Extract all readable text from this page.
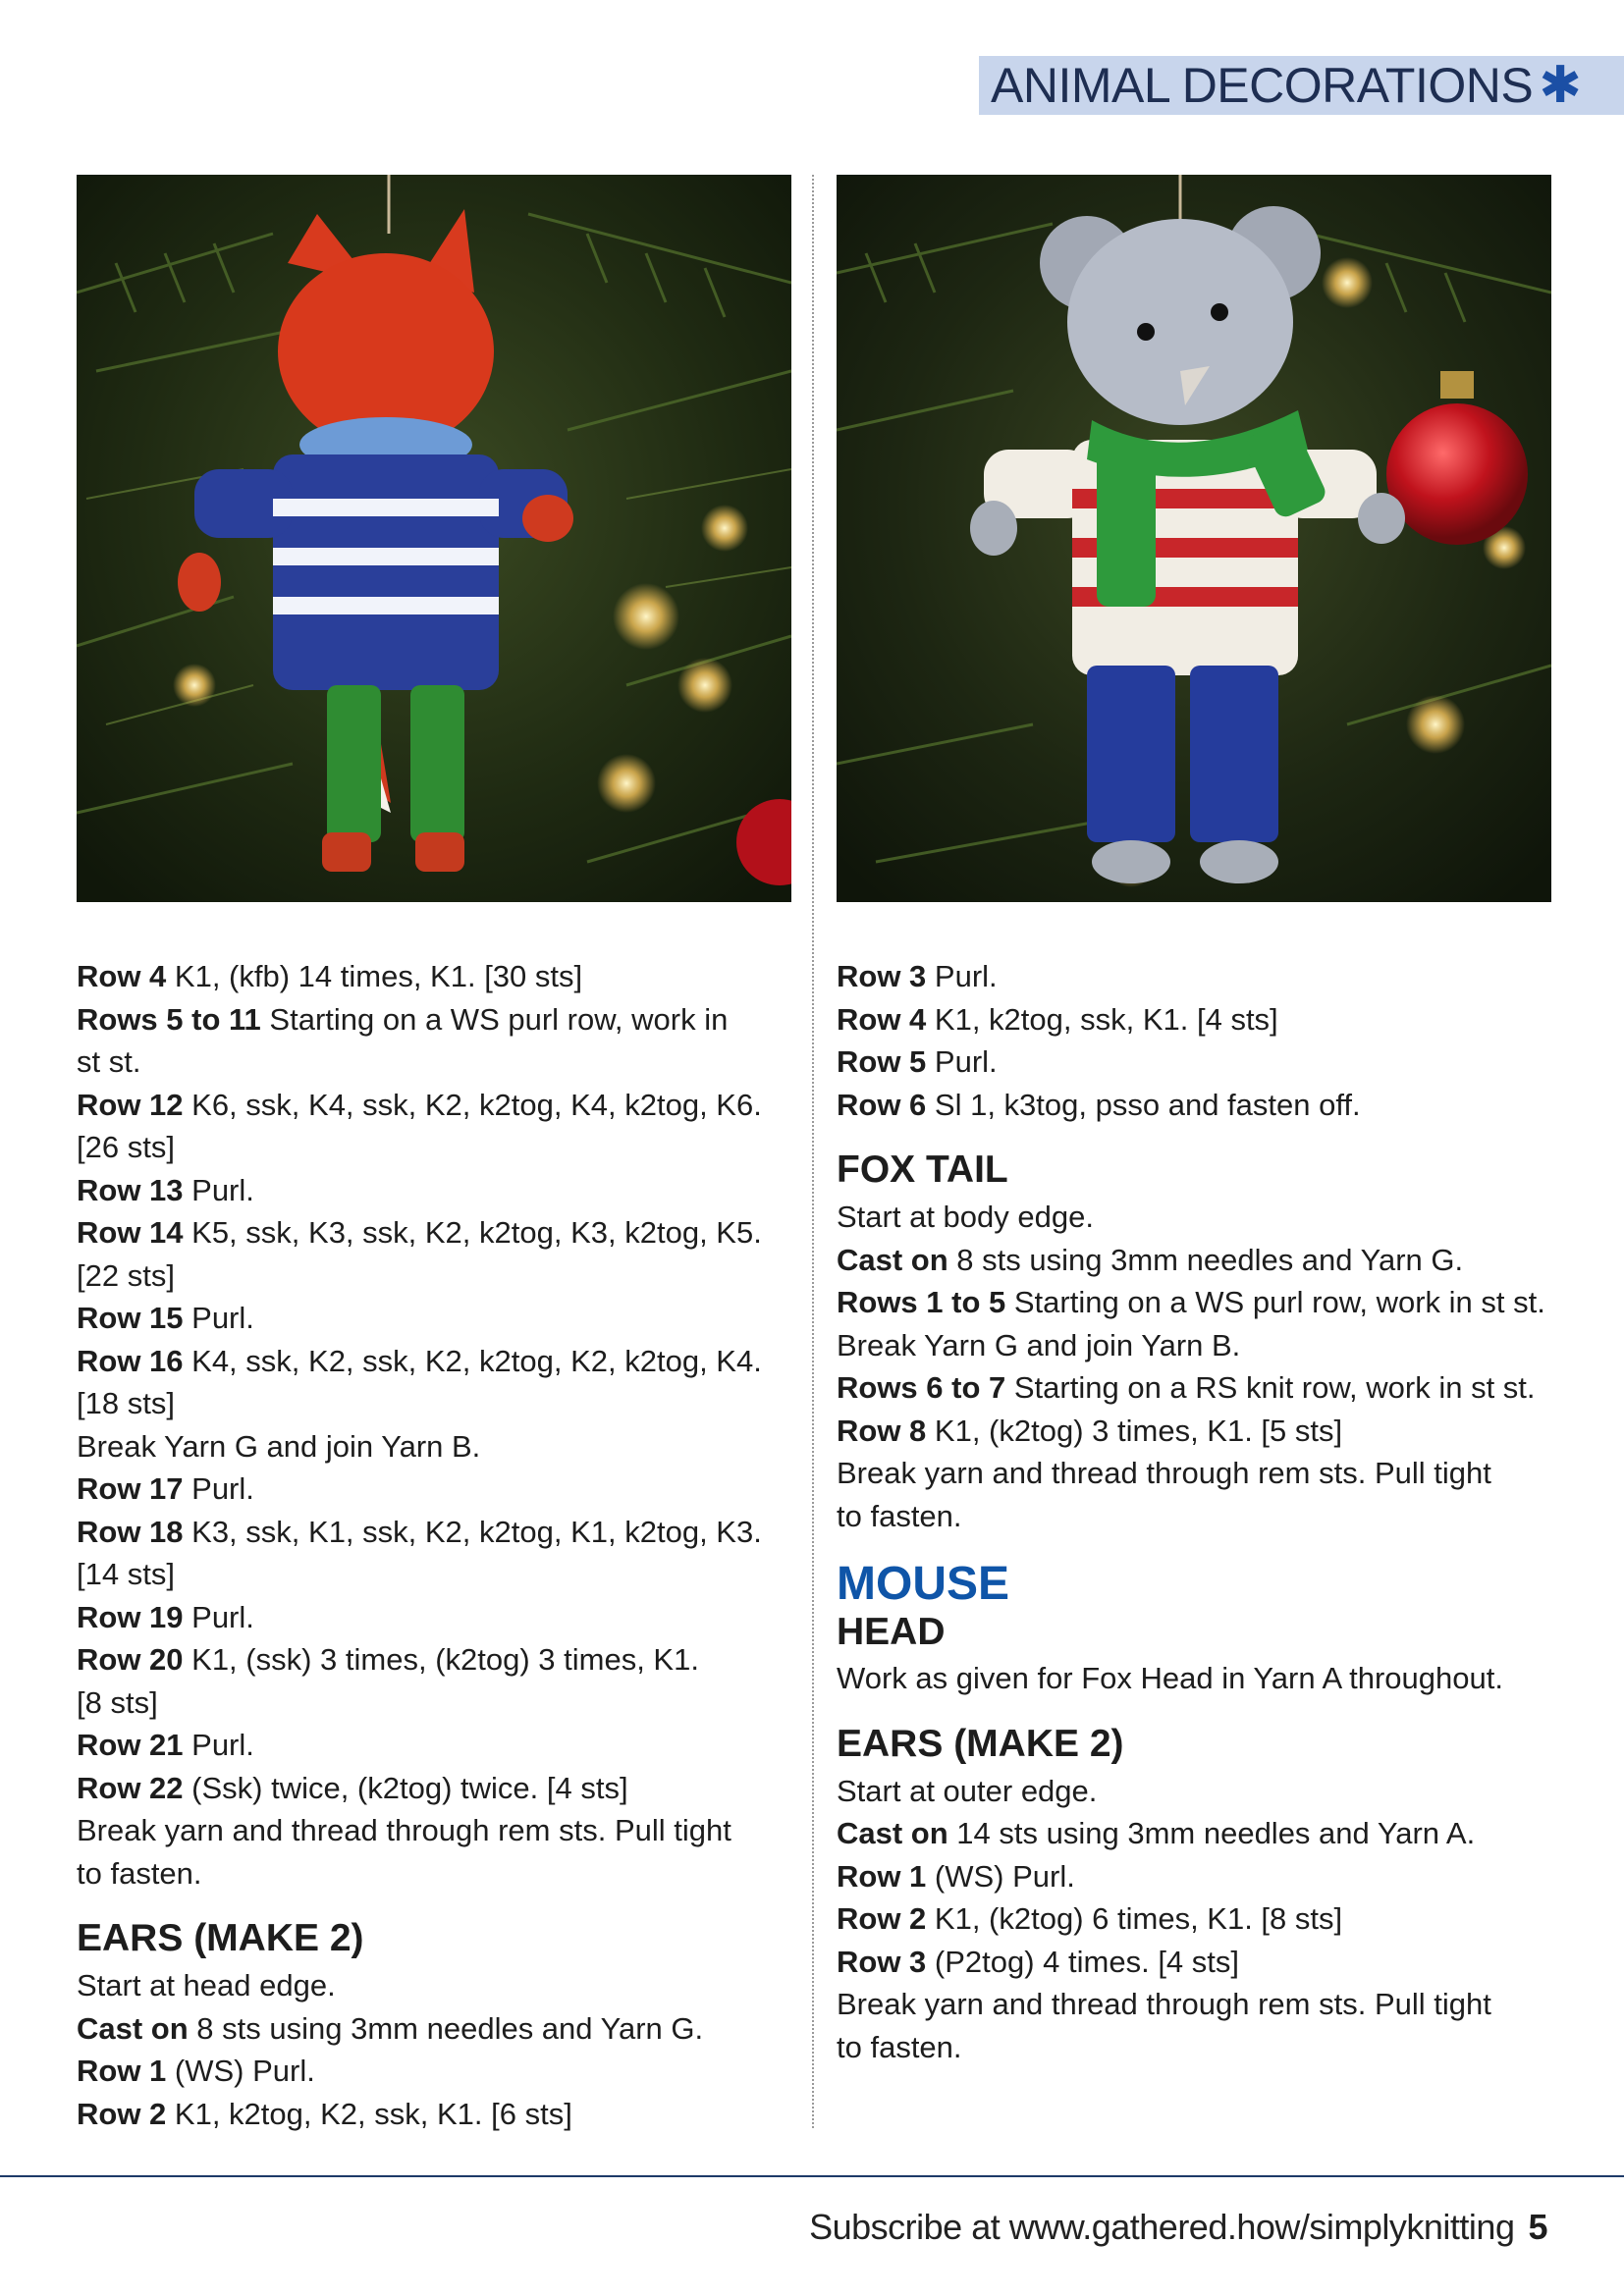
ANIMAL DECORATIONS ✱
Row 4 K1, (kfb) 14 times, K1. [30 sts]
Rows 5 to 11 Starting on a WS purl row, work in
st st.
Row 12 K6, ssk, K4, ssk, K2, k2tog, K4, k2tog, K6.
[26 sts]
Row 13 Purl.
Row 14 K5, ssk, K3, ssk, K2, k2tog, K3, k2tog, K5.
[22 sts]
Row 15 Purl.
Row 16 K4, ssk, K2, ssk, K2, k2tog, K2, k2tog, K4.
[18 sts]
Break Yarn G and join Yarn B.
Row 17 Purl.
Row 18 K3, ssk, K1, ssk, K2, k2tog, K1, k2tog, K3.
[14 sts]
Row 19 Purl.
Row 20 K1, (ssk) 3 times, (k2tog) 3 times, K1.
[8 sts]
Row 21 Purl.
Row 22 (Ssk) twice, (k2tog) twice. [4 sts]
Break yarn and thread through rem sts. Pull tight
to fasten.
EARS (MAKE 2)
Start at head edge.
Cast on 8 sts using 3mm needles and Yarn G.
Row 1 (WS) Purl.
Row 2 K1, k2tog, K2, ssk, K1. [6 sts]
Row 3 Purl.
Row 4 K1, k2tog, ssk, K1. [4 sts]
Row 5 Purl.
Row 6 Sl 1, k3tog, psso and fasten off.
FOX TAIL
Start at body edge.
Cast on 8 sts using 3mm needles and Yarn G.
Rows 1 to 5 Starting on a WS purl row, work in st st.
Break Yarn G and join Yarn B.
Rows 6 to 7 Starting on a RS knit row, work in st st.
Row 8 K1, (k2tog) 3 times, K1. [5 sts]
Break yarn and thread through rem sts. Pull tight
to fasten.
MOUSE
HEAD
Work as given for Fox Head in Yarn A throughout.
EARS (MAKE 2)
Start at outer edge.
Cast on 14 sts using 3mm needles and Yarn A.
Row 1 (WS) Purl.
Row 2 K1, (k2tog) 6 times, K1. [8 sts]
Row 3 (P2tog) 4 times. [4 sts]
Break yarn and thread through rem sts. Pull tight
to fasten.
Subscribe at www.gathered.how/simplyknitting 5
